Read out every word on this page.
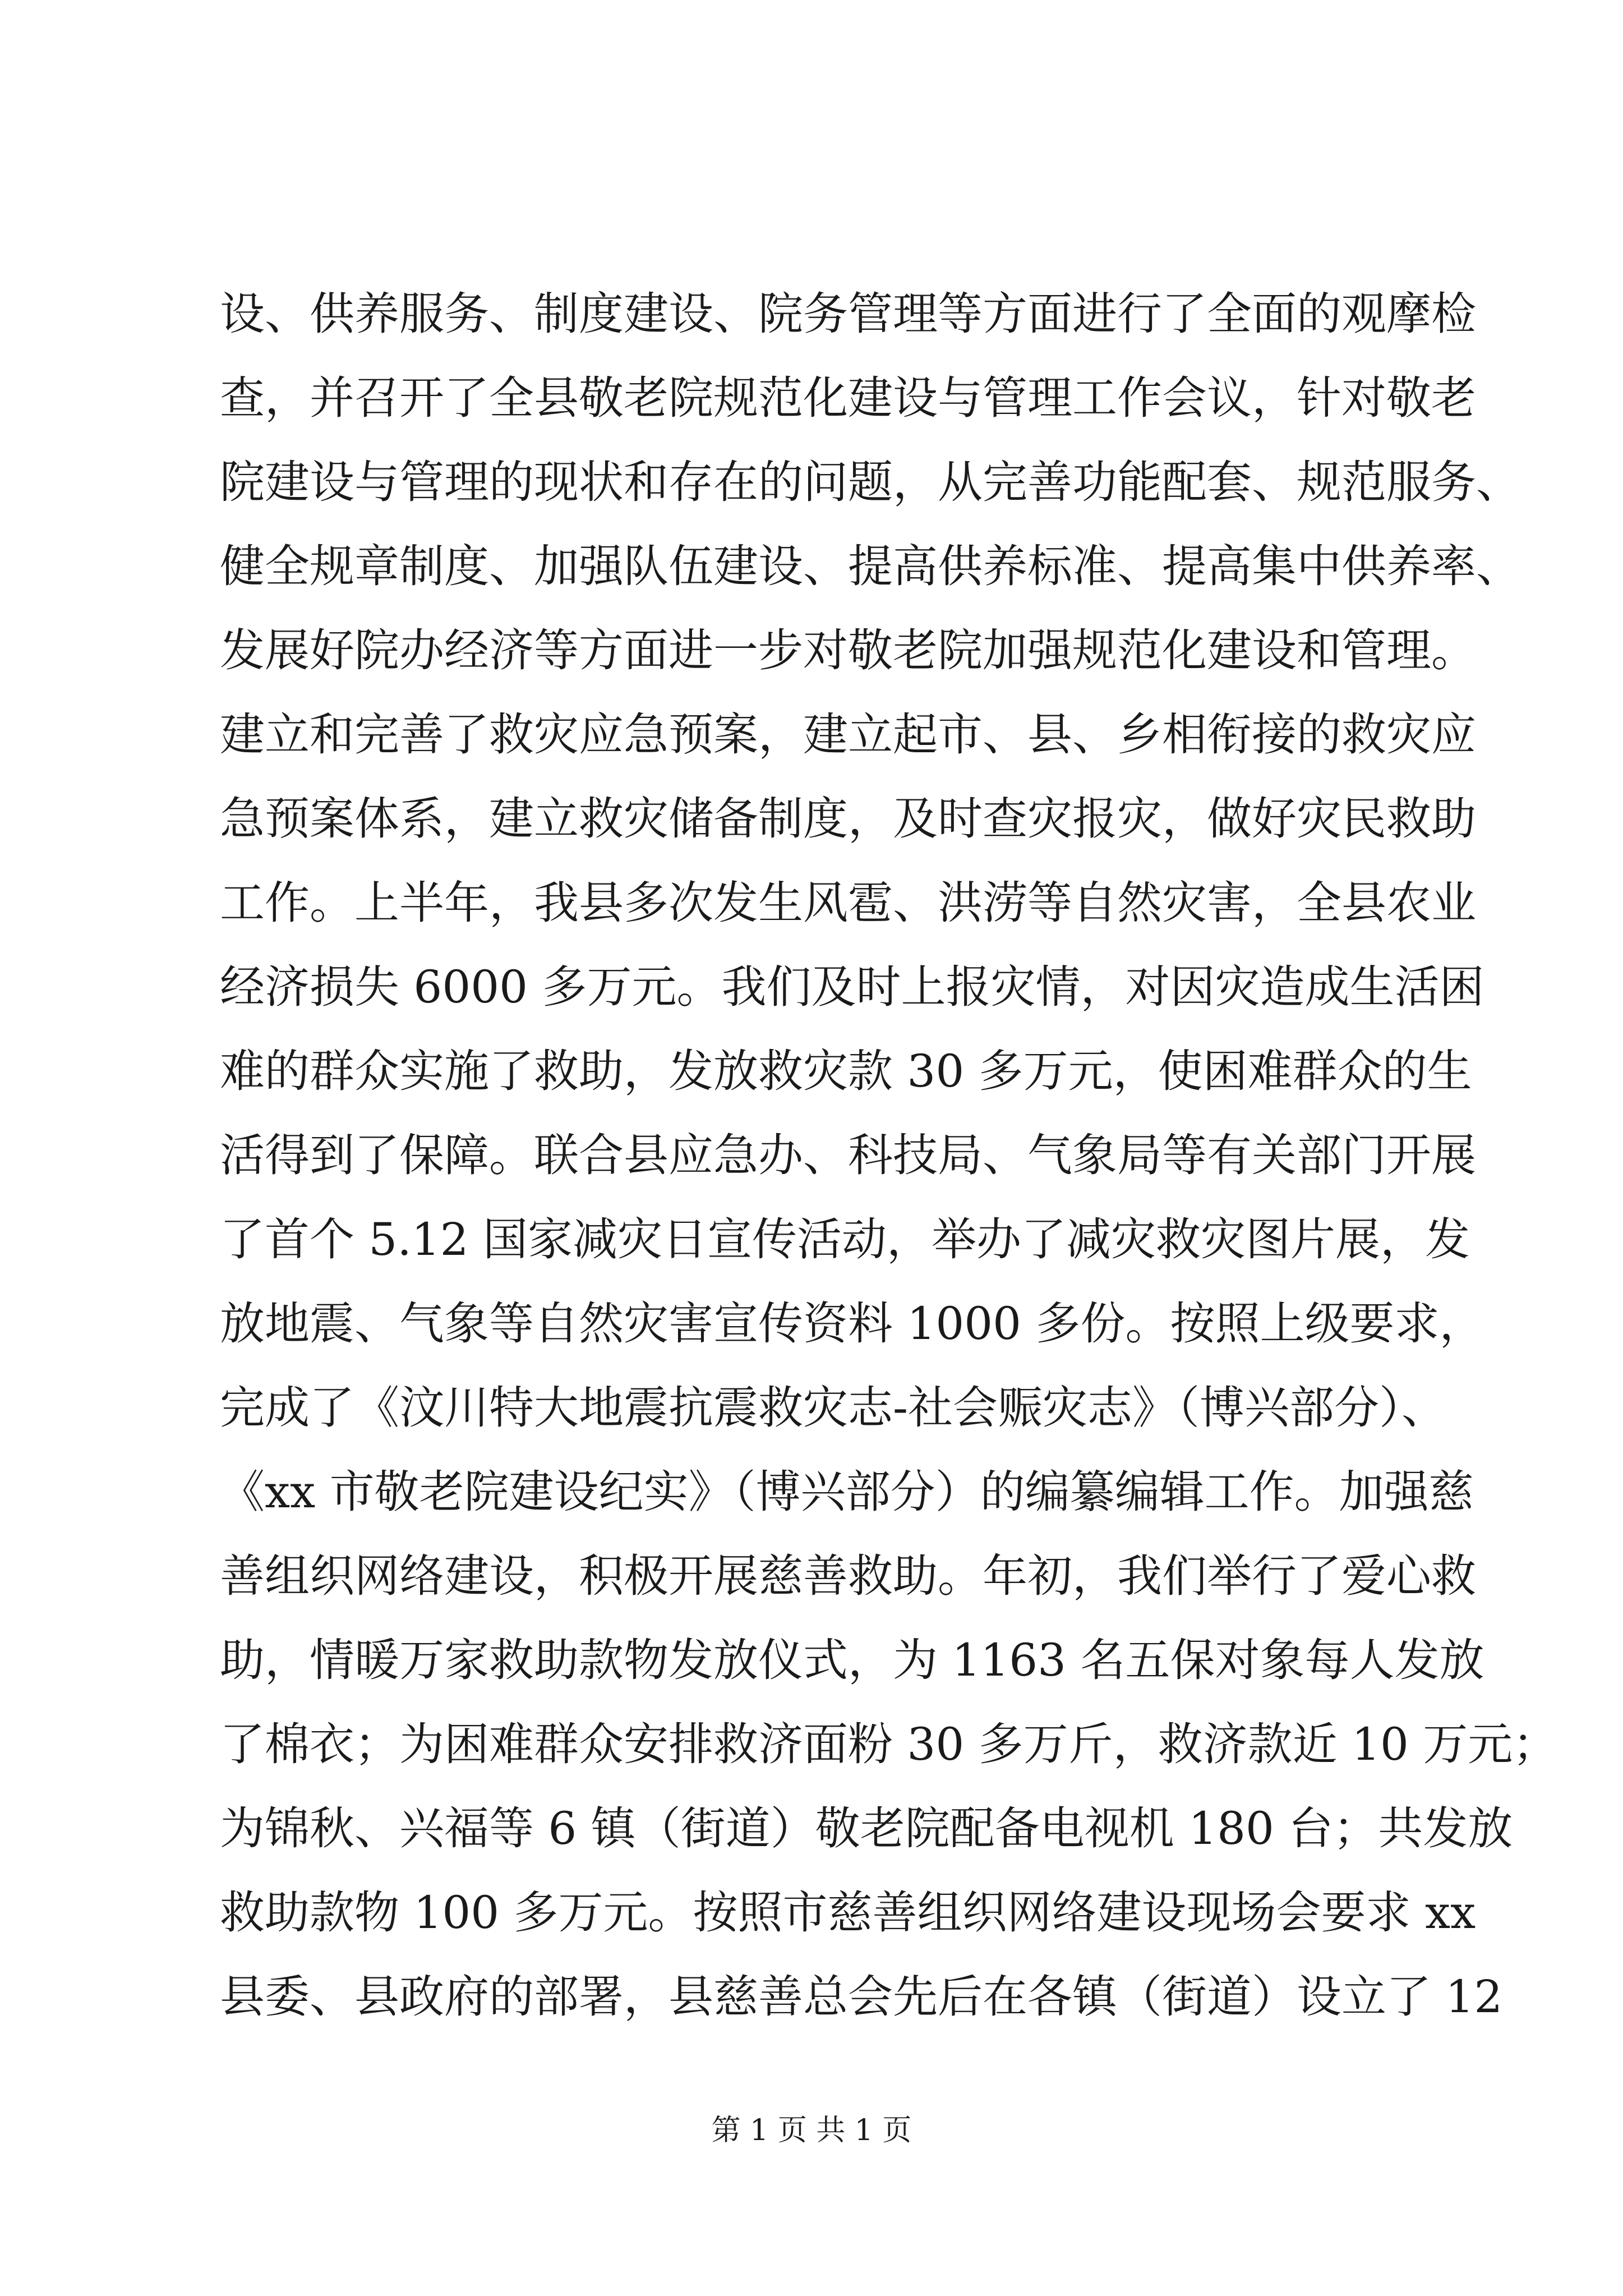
设、供养服务、制度建设、院务管理等方面进行了全面的观摩检
查，并召开了全县敬老院规范化建设与管理工作会议，针对敬老
院建设与管理的现状和存在的问题，从完善功能配套、规范服务、
健全规章制度、加强队伍建设、提高供养标准、提高集中供养率、
发展好院办经济等方面进一步对敬老院加强规范化建设和管理。
建立和完善了救灾应急预案，建立起市、县、乡相衔接的救灾应
急预案体系，建立救灾储备制度，及时查灾报灾，做好灾民救助
工作。上半年，我县多次发生风雹、洪涝等自然灾害，全县农业
经济损失 6000 多万元。我们及时上报灾情，对因灾造成生活困
难的群众实施了救助，发放救灾款 30 多万元，使困难群众的生
活得到了保障。联合县应急办、科技局、气象局等有关部门开展
了首个 5.12 国家减灾日宣传活动，举办了减灾救灾图片展，发
放地震、气象等自然灾害宣传资料 1000 多份。按照上级要求，
完成了《汶川特大地震抗震救灾志-社会赈灾志》（博兴部分）、
《xx 市敬老院建设纪实》（博兴部分）的编纂编辑工作。加强慈
善组织网络建设，积极开展慈善救助。年初，我们举行了爱心救
助，情暖万家救助款物发放仪式，为 1163 名五保对象每人发放
了棉衣；为困难群众安排救济面粉 30 多万斤，救济款近 10 万元；
为锦秋、兴福等 6 镇（街道）敬老院配备电视机 180 台；共发放
救助款物 100 多万元。按照市慈善组织网络建设现场会要求 xx
县委、县政府的部署，县慈善总会先后在各镇（街道）设立了 12
第 1 页 共 1 页
